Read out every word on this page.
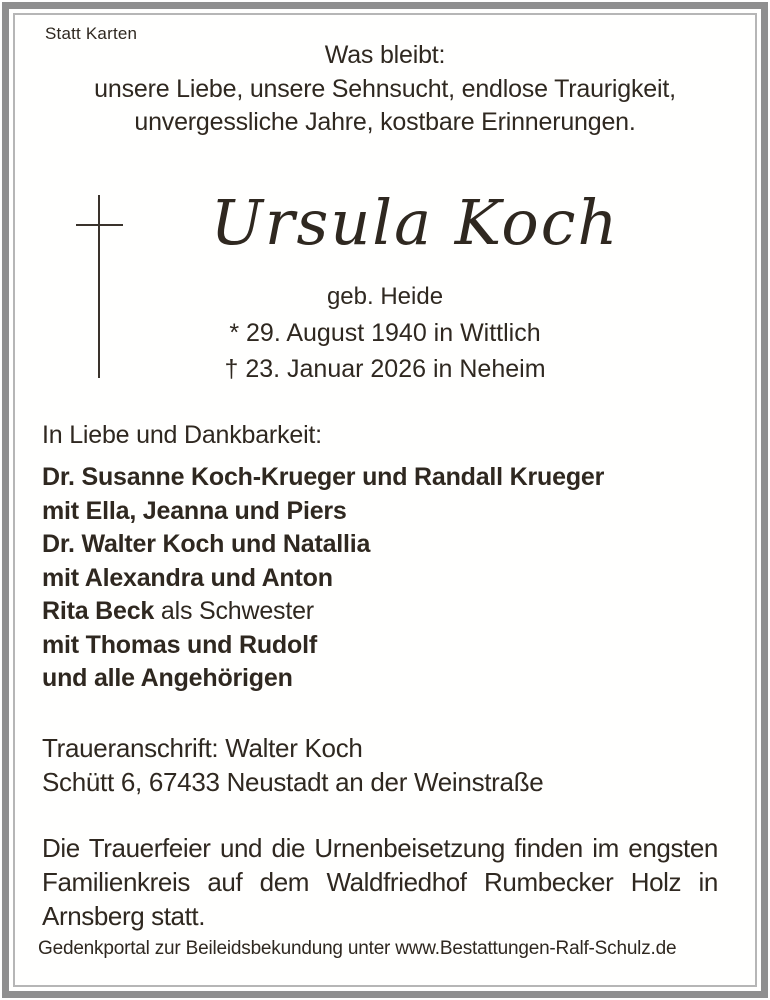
Statt Karten
Was bleibt:
unsere Liebe, unsere Sehnsucht, endlose Traurigkeit,
unvergessliche Jahre, kostbare Erinnerungen.
Ursula Koch
geb. Heide
* 29. August 1940 in Wittlich
† 23. Januar 2026 in Neheim
In Liebe und Dankbarkeit:
Dr. Susanne Koch-Krueger und Randall Krueger
mit Ella, Jeanna und Piers
Dr. Walter Koch und Natallia
mit Alexandra und Anton
Rita Beck als Schwester
mit Thomas und Rudolf
und alle Angehörigen
Traueranschrift: Walter Koch
Schütt 6, 67433 Neustadt an der Weinstraße
Die Trauerfeier und die Urnenbeisetzung finden im engsten Familienkreis auf dem Waldfriedhof Rumbecker Holz in Arnsberg statt.
Gedenkportal zur Beileidsbekundung unter www.Bestattungen-Ralf-Schulz.de
